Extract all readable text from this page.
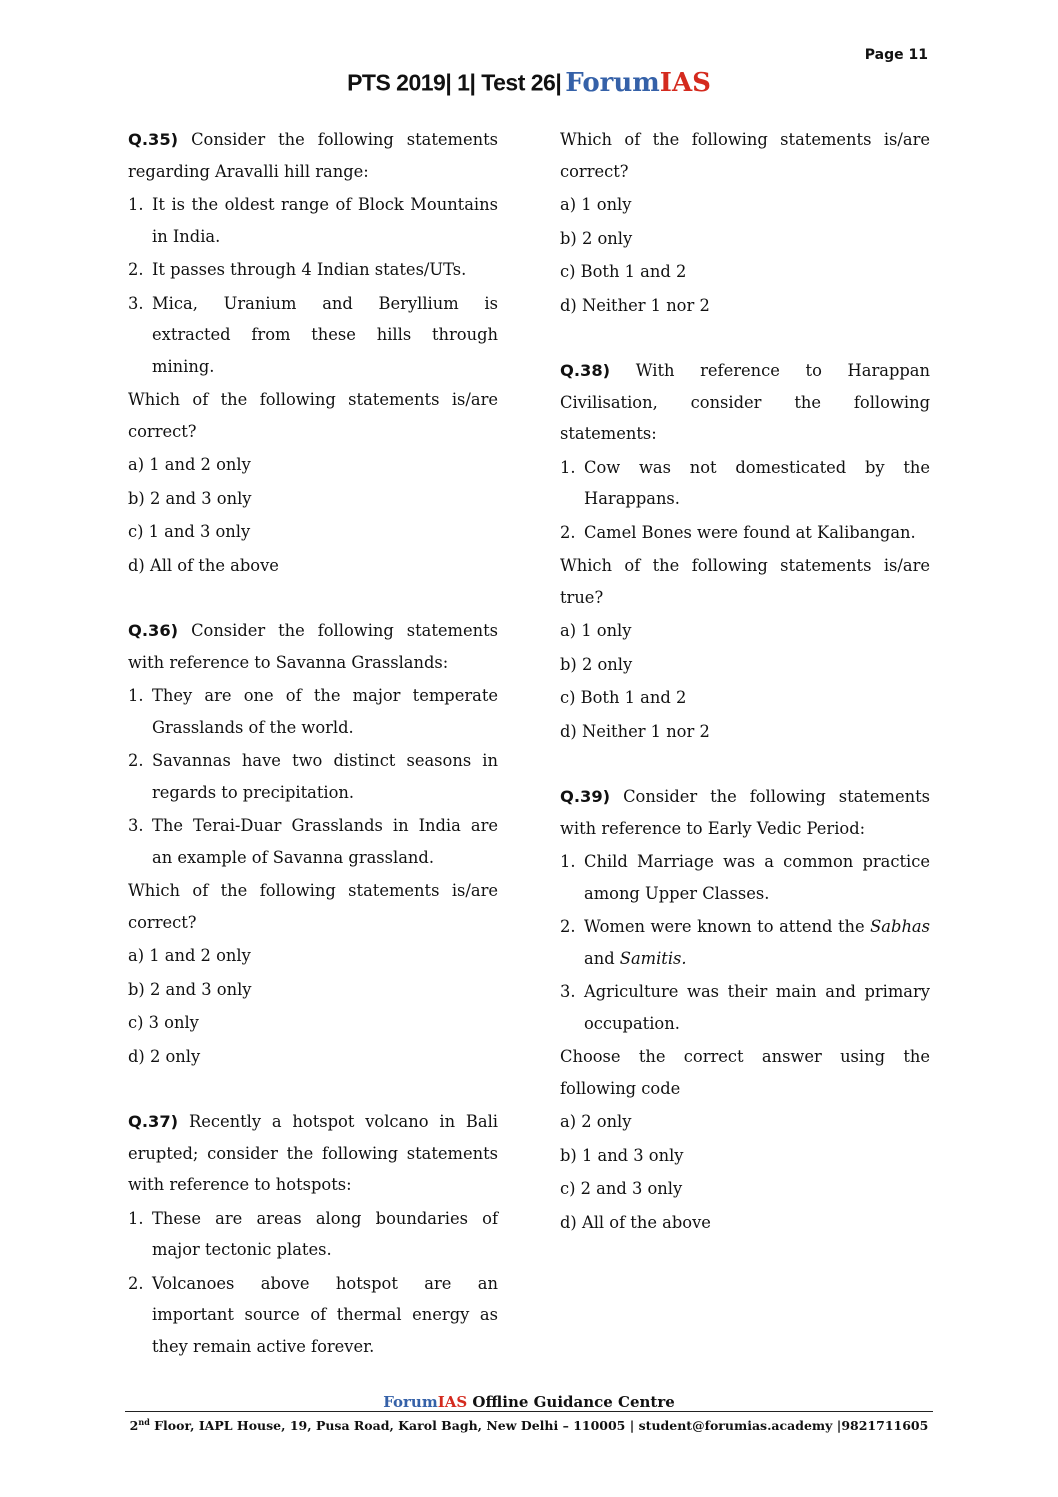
Page 11
PTS 2019| 1| Test 26| ForumIAS

Q.35) Consider the following statements regarding Aravalli hill range:

1. It is the oldest range of Block Mountains in India.
2. It passes through 4 Indian states/UTs.
3. Mica, Uranium and Beryllium is extracted from these hills through mining.

Which of the following statements is/are correct?

a) 1 and 2 only
b) 2 and 3 only
c) 1 and 3 only
d) All of the above

Q.36) Consider the following statements with reference to Savanna Grasslands:

1. They are one of the major temperate Grasslands of the world.
2. Savannas have two distinct seasons in regards to precipitation.
3. The Terai-Duar Grasslands in India are an example of Savanna grassland.

Which of the following statements is/are correct?

a) 1 and 2 only
b) 2 and 3 only
c) 3 only
d) 2 only

Q.37) Recently a hotspot volcano in Bali erupted; consider the following statements with reference to hotspots:

1. These are areas along boundaries of major tectonic plates.
2. Volcanoes above hotspot are an important source of thermal energy as they remain active forever.

Which of the following statements is/are correct?

a) 1 only
b) 2 only
c) Both 1 and 2
d) Neither 1 nor 2

Q.38) With reference to Harappan Civilisation, consider the following statements:

1. Cow was not domesticated by the Harappans.
2. Camel Bones were found at Kalibangan.

Which of the following statements is/are true?

a) 1 only
b) 2 only
c) Both 1 and 2
d) Neither 1 nor 2

Q.39) Consider the following statements with reference to Early Vedic Period:

1. Child Marriage was a common practice among Upper Classes.
2. Women were known to attend the Sabhas and Samitis.
3. Agriculture was their main and primary occupation.

Choose the correct answer using the following code

a) 2 only
b) 1 and 3 only
c) 2 and 3 only
d) All of the above
ForumIAS Offline Guidance Centre
2nd Floor, IAPL House, 19, Pusa Road, Karol Bagh, New Delhi – 110005 | student@forumias.academy |9821711605
